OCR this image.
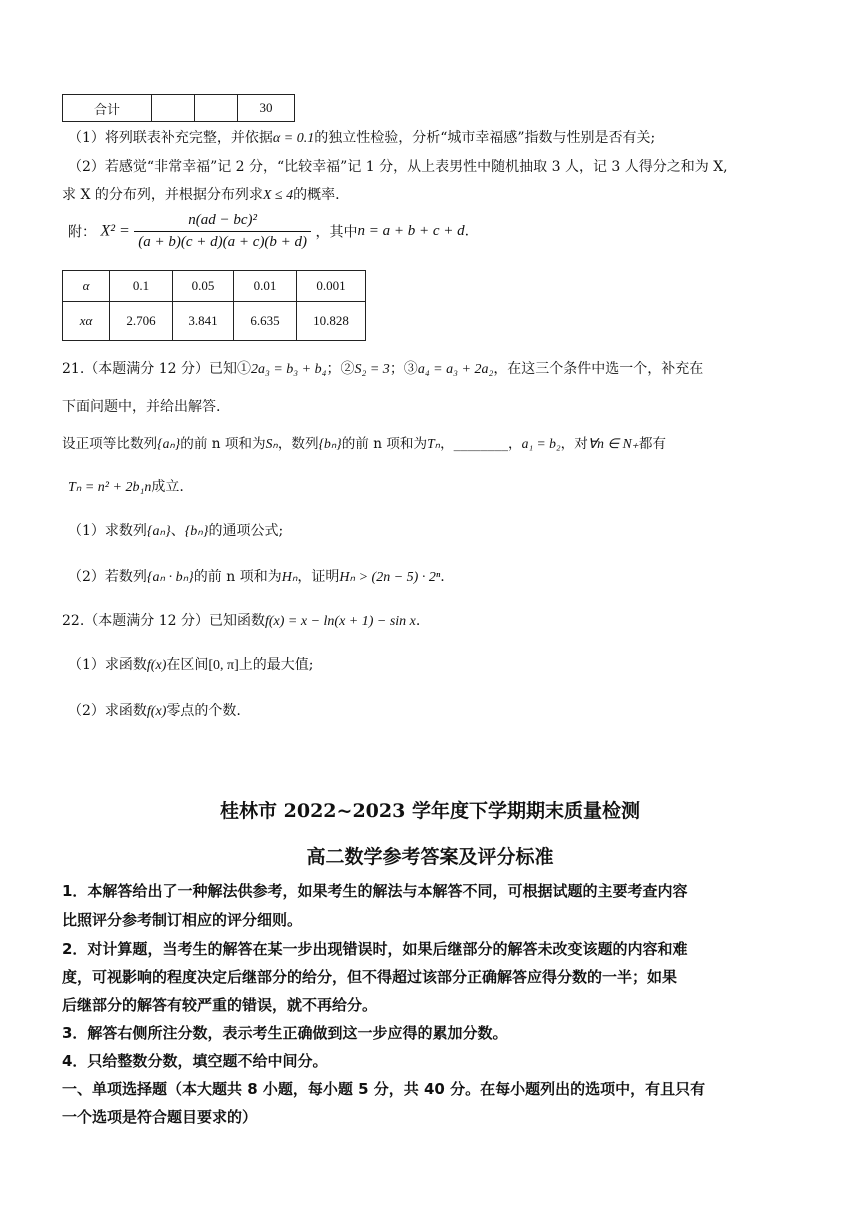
合计			30
（1）将列联表补充完整，并依据α = 0.1的独立性检验，分析“城市幸福感”指数与性别是否有关;
（2）若感觉“非常幸福”记 2 分，“比较幸福”记 1 分，从上表男性中随机抽取 3 人，记 3 人得分之和为 X,
求 X 的分布列，并根据分布列求X ≤ 4的概率.
附： $X^2 = \frac{\text{n(ad − bc)²}}{(a + b)(c + d)(a + c)(b + d)}$ ，其中n = a + b + c + d.
α	0.1	0.05	0.01	0.001
xα	2.706	3.841	6.635	10.828
21.（本题满分 12 分）已知①2a₃ = b₃ + b₄；②S₂ = 3；③a₄ = a₃ + 2a₂，在这三个条件中选一个，补充在
下面问题中，并给出解答.
设正项等比数列{aₙ}的前 n 项和为Sₙ，数列{bₙ}的前 n 项和为Tₙ，________，a₁ = b₂，对∀n ∈ N₊都有
Tₙ = n² + 2b₁n成立.
（1）求数列{aₙ}、{bₙ}的通项公式;
（2）若数列{aₙ · bₙ}的前 n 项和为Hₙ，证明Hₙ > (2n − 5) · 2ⁿ.
22.（本题满分 12 分）已知函数f(x) = x − ln(x + 1) − sin x.
（1）求函数f(x)在区间[0, π]上的最大值;
（2）求函数f(x)零点的个数.
桂林市 2022~2023 学年度下学期期末质量检测
高二数学参考答案及评分标准
1．本解答给出了一种解法供参考，如果考生的解法与本解答不同，可根据试题的主要考查内容
比照评分参考制订相应的评分细则。
2．对计算题，当考生的解答在某一步出现错误时，如果后继部分的解答未改变该题的内容和难
度，可视影响的程度决定后继部分的给分，但不得超过该部分正确解答应得分数的一半；如果
后继部分的解答有较严重的错误，就不再给分。
3．解答右侧所注分数，表示考生正确做到这一步应得的累加分数。
4．只给整数分数，填空题不给中间分。
一、单项选择题（本大题共 8 小题，每小题 5 分，共 40 分。在每小题列出的选项中，有且只有
一个选项是符合题目要求的）
